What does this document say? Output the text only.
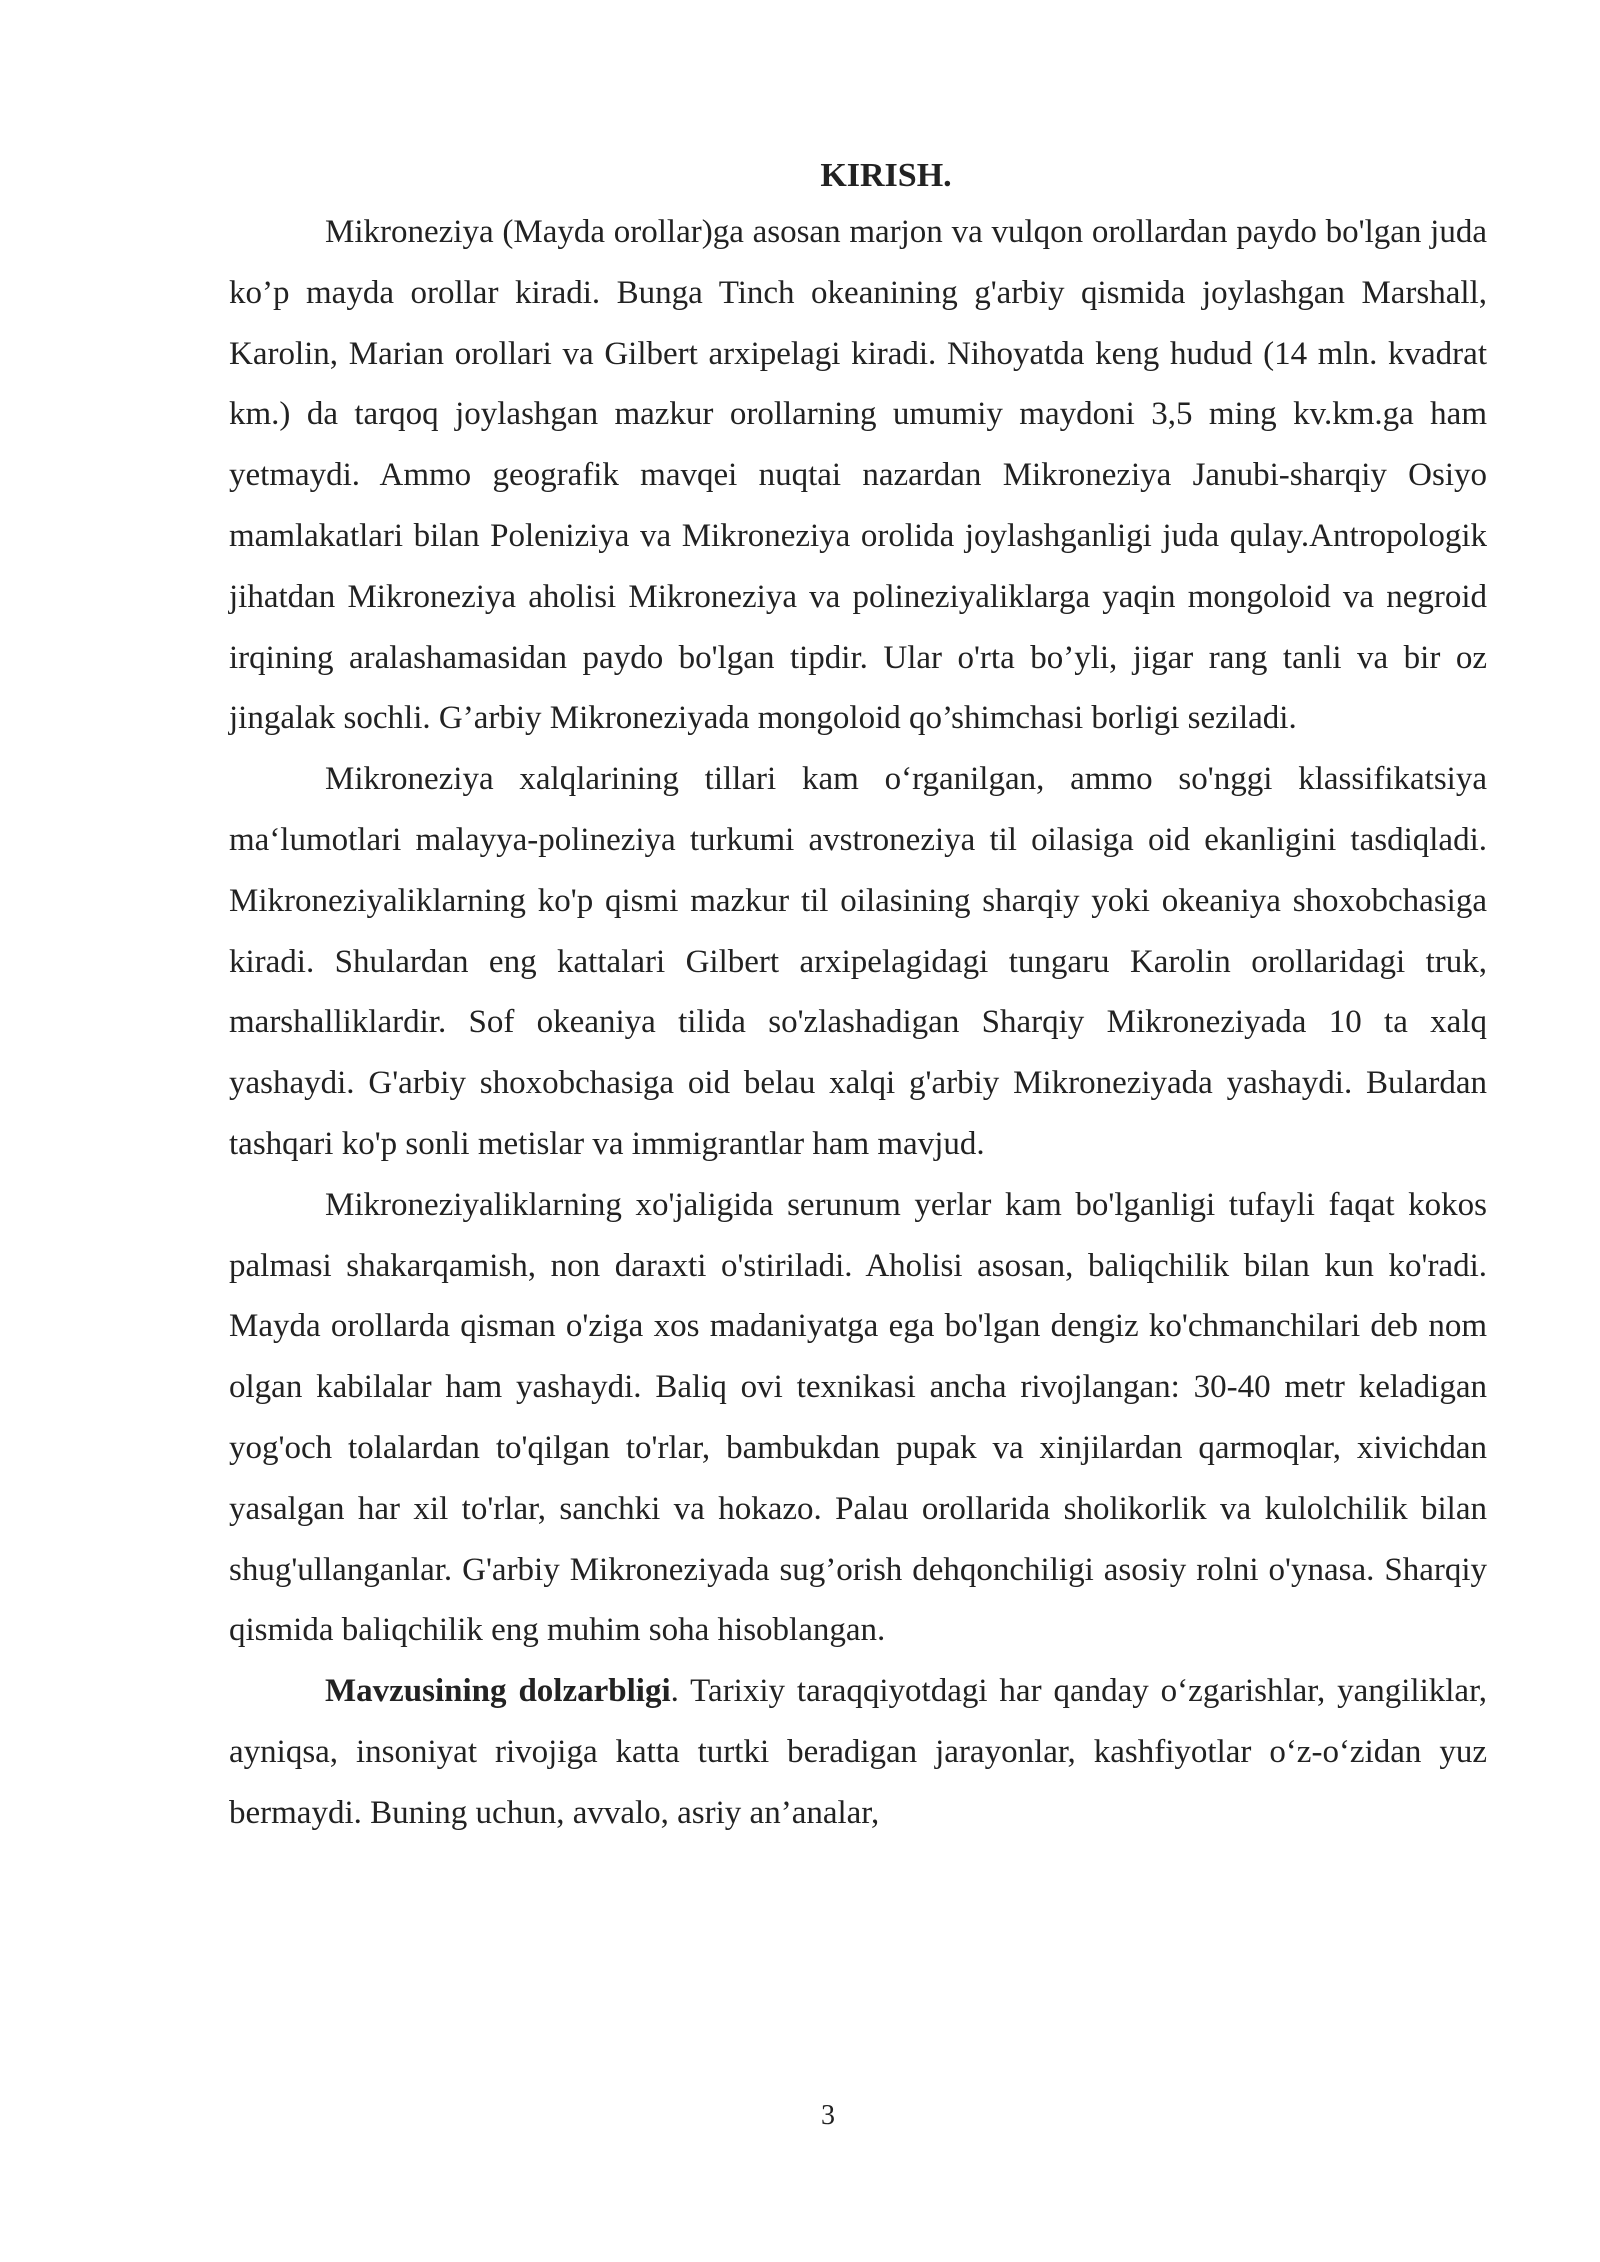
KIRISH.

Mikroneziya (Mayda orollar)ga asosan marjon va vulqon orollardan paydo bo'lgan juda ko’p mayda orollar kiradi. Bunga Tinch okeanining g'arbiy qismida joylashgan Marshall, Karolin, Marian orollari va Gilbert arxipelagi kiradi. Nihoyatda keng hudud (14 mln. kvadrat km.) da tarqoq joylashgan mazkur orollarning umumiy maydoni 3,5 ming kv.km.ga ham yetmaydi. Ammo geografik mavqei nuqtai nazardan Mikroneziya Janubi-sharqiy Osiyo mamlakatlari bilan Poleniziya va Mikroneziya orolida joylashganligi juda qulay.Antropologik jihatdan Mikroneziya aholisi Mikroneziya va polineziyaliklarga yaqin mongoloid va negroid irqining aralashamasidan paydo bo'lgan tipdir. Ular o'rta bo’yli, jigar rang tanli va bir oz jingalak sochli. G’arbiy Mikroneziyada mongoloid qo’shimchasi borligi seziladi.

Mikroneziya xalqlarining tillari kam o‘rganilgan, ammo so'nggi klassifikatsiya ma‘lumotlari malayya-polineziya turkumi avstroneziya til oilasiga oid ekanligini tasdiqladi. Mikroneziyaliklarning ko'p qismi mazkur til oilasining sharqiy yoki okeaniya shoxobchasiga kiradi. Shulardan eng kattalari Gilbert arxipelagidagi tungaru Karolin orollaridagi truk, marshalliklardir. Sof okeaniya tilida so'zlashadigan Sharqiy Mikroneziyada 10 ta xalq yashaydi. G'arbiy shoxobchasiga oid belau xalqi g'arbiy Mikroneziyada yashaydi. Bulardan tashqari ko'p sonli metislar va immigrantlar ham mavjud.

Mikroneziyaliklarning xo'jaligida serunum yerlar kam bo'lganligi tufayli faqat kokos palmasi shakarqamish, non daraxti o'stiriladi. Aholisi asosan, baliqchilik bilan kun ko'radi. Mayda orollarda qisman o'ziga xos madaniyatga ega bo'lgan dengiz ko'chmanchilari deb nom olgan kabilalar ham yashaydi. Baliq ovi texnikasi ancha rivojlangan: 30-40 metr keladigan yog'och tolalardan to'qilgan to'rlar, bambukdan pupak va xinjilardan qarmoqlar, xivichdan yasalgan har xil to'rlar, sanchki va hokazo. Palau orollarida sholikorlik va kulolchilik bilan shug'ullanganlar. G'arbiy Mikroneziyada sug’orish dehqonchiligi asosiy rolni o'ynasa. Sharqiy qismida baliqchilik eng muhim soha hisoblangan.

Mavzusining dolzarbligi. Tarixiy taraqqiyotdagi har qanday o‘zgarishlar, yangiliklar, ayniqsa, insoniyat rivojiga katta turtki beradigan jarayonlar, kashfiyotlar o‘z-o‘zidan yuz bermaydi. Buning uchun, avvalo, asriy an’analar,

3
